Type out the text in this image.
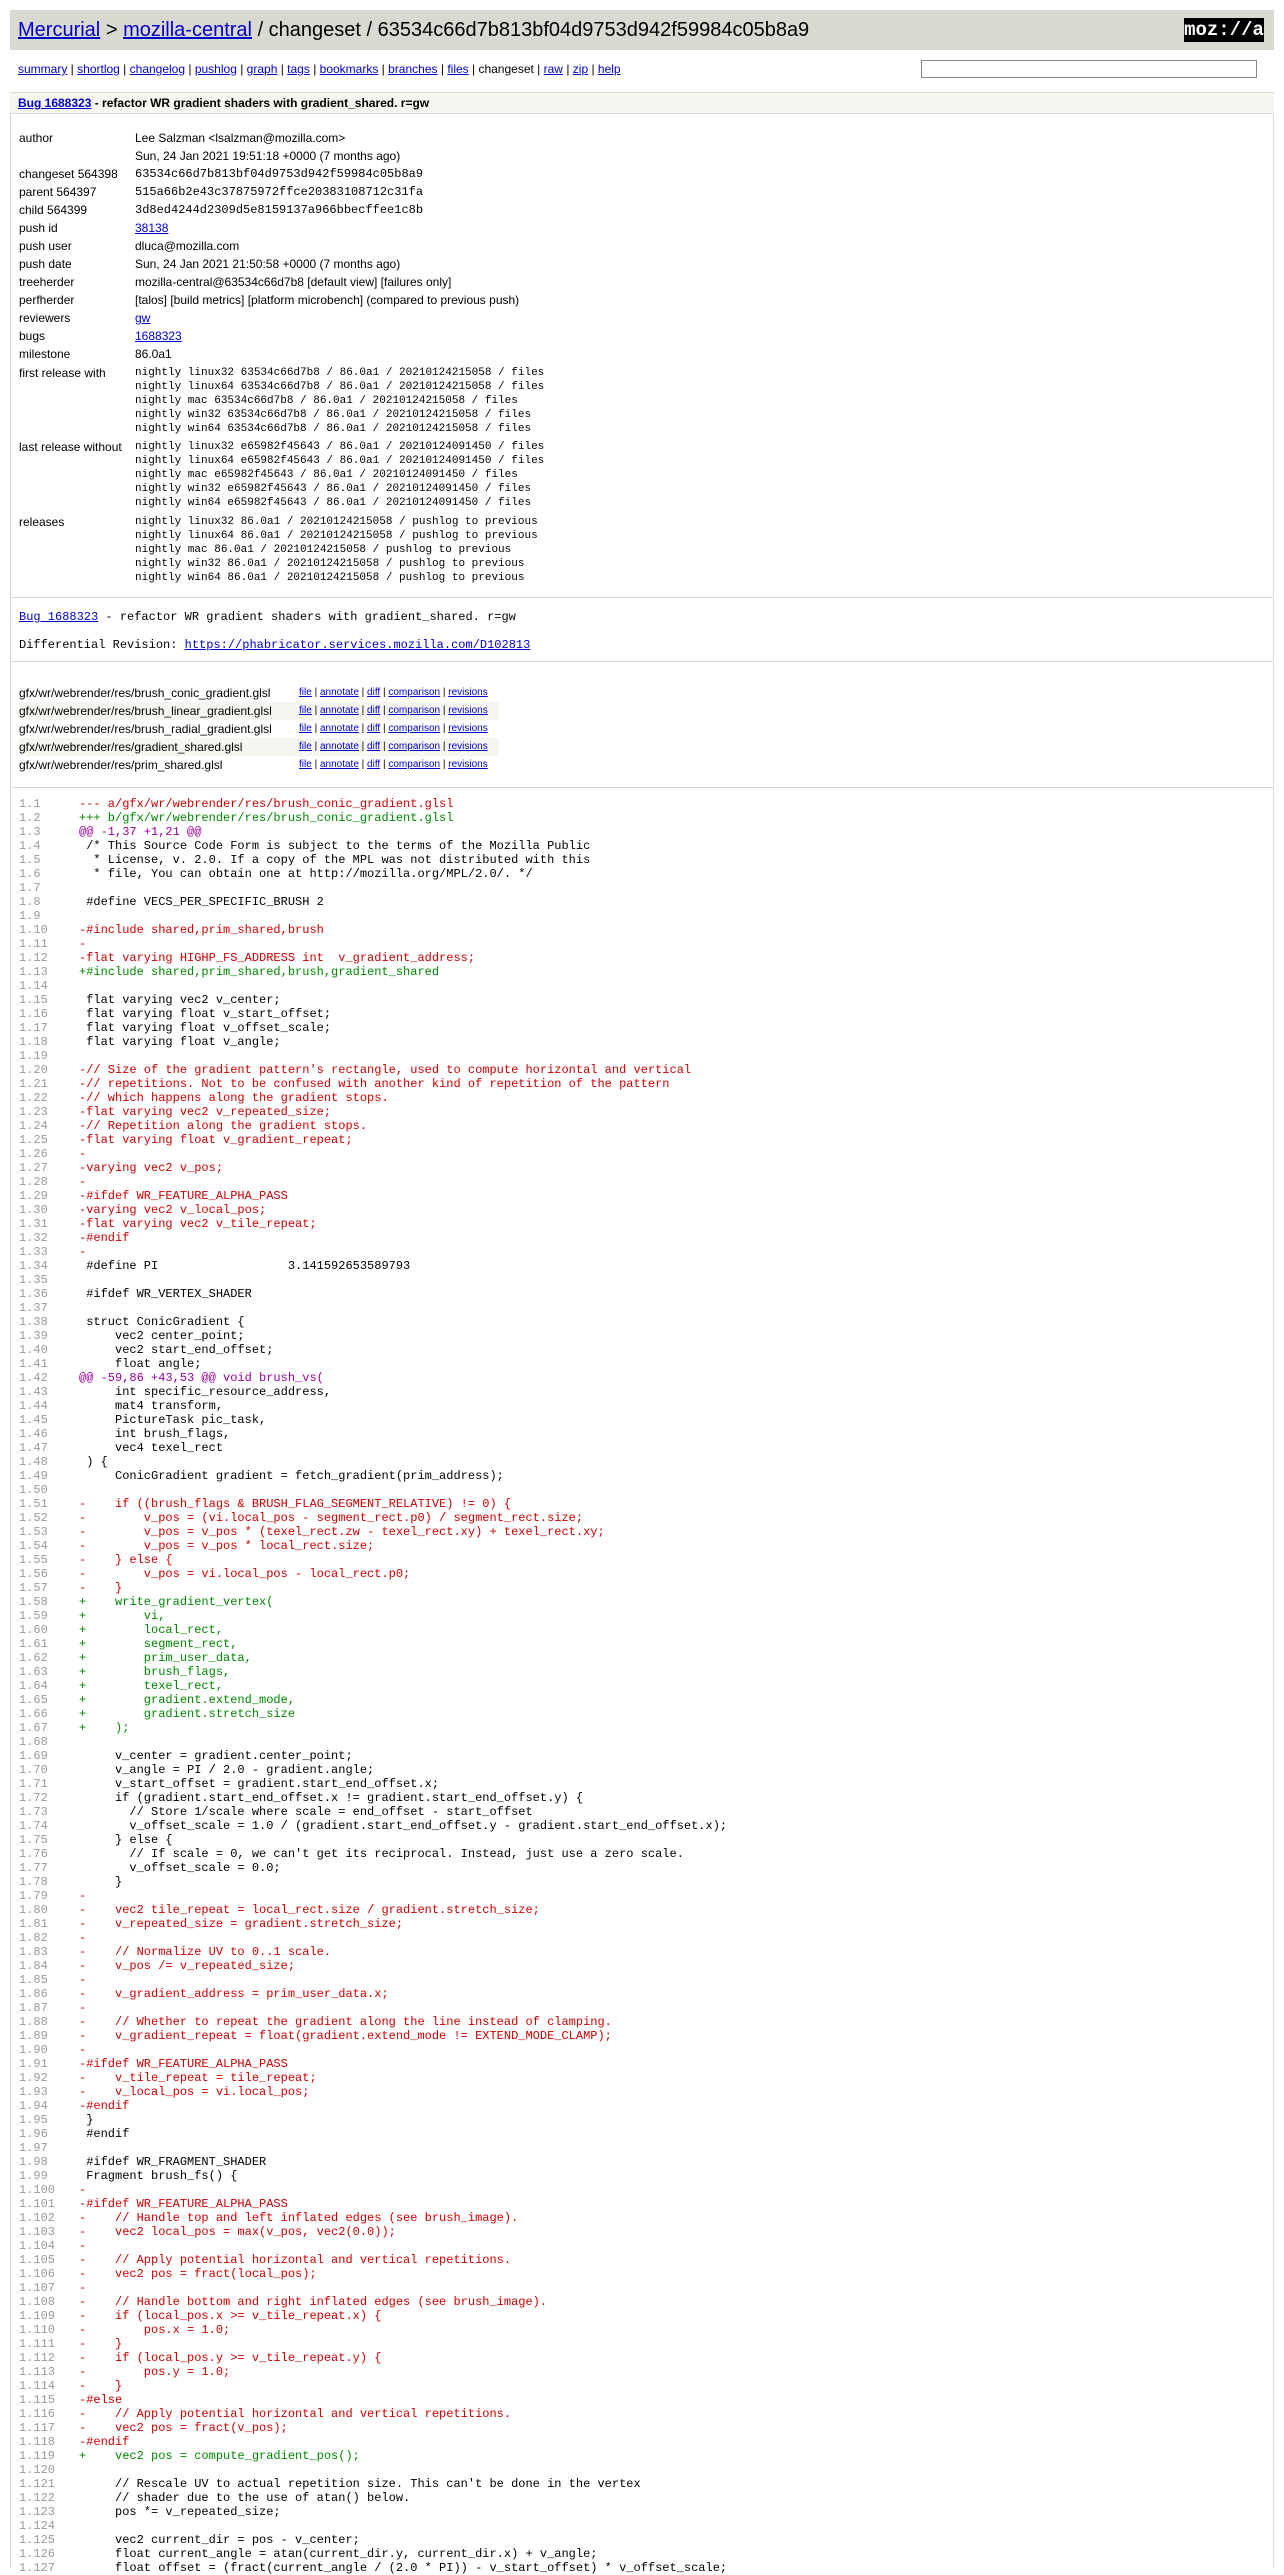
Mercurial > mozilla-central / changeset / 63534c66d7b813bf04d9753d942f59984c05b8a9	moz://a
summary | shortlog | changelog | pushlog | graph | tags | bookmarks | branches | files | changeset | raw | zip | help
Bug 1688323 - refactor WR gradient shaders with gradient_shared. r=gw
author	Lee Salzman <lsalzman@mozilla.com>
Sun, 24 Jan 2021 19:51:18 +0000 (7 months ago)
changeset 564398	63534c66d7b813bf04d9753d942f59984c05b8a9
parent 564397	515a66b2e43c37875972ffce20383108712c31fa
child 564399	3d8ed4244d2309d5e8159137a966bbecffee1c8b
push id	38138
push user	dluca@mozilla.com
push date	Sun, 24 Jan 2021 21:50:58 +0000 (7 months ago)
treeherder	mozilla-central@63534c66d7b8 [default view] [failures only]
perfherder	[talos] [build metrics] [platform microbench] (compared to previous push)
reviewers	gw
bugs	1688323
milestone	86.0a1
first release with	nightly linux32 63534c66d7b8 / 86.0a1 / 20210124215058 / files
nightly linux64 63534c66d7b8 / 86.0a1 / 20210124215058 / files
nightly mac 63534c66d7b8 / 86.0a1 / 20210124215058 / files
nightly win32 63534c66d7b8 / 86.0a1 / 20210124215058 / files
nightly win64 63534c66d7b8 / 86.0a1 / 20210124215058 / files
last release without	nightly linux32 e65982f45643 / 86.0a1 / 20210124091450 / files
nightly linux64 e65982f45643 / 86.0a1 / 20210124091450 / files
nightly mac e65982f45643 / 86.0a1 / 20210124091450 / files
nightly win32 e65982f45643 / 86.0a1 / 20210124091450 / files
nightly win64 e65982f45643 / 86.0a1 / 20210124091450 / files
releases	nightly linux32 86.0a1 / 20210124215058 / pushlog to previous
nightly linux64 86.0a1 / 20210124215058 / pushlog to previous
nightly mac 86.0a1 / 20210124215058 / pushlog to previous
nightly win32 86.0a1 / 20210124215058 / pushlog to previous
nightly win64 86.0a1 / 20210124215058 / pushlog to previous
Bug 1688323 - refactor WR gradient shaders with gradient_shared. r=gw
Differential Revision: https://phabricator.services.mozilla.com/D102813
gfx/wr/webrender/res/brush_conic_gradient.glsl	file | annotate | diff | comparison | revisions
gfx/wr/webrender/res/brush_linear_gradient.glsl	file | annotate | diff | comparison | revisions
gfx/wr/webrender/res/brush_radial_gradient.glsl	file | annotate | diff | comparison | revisions
gfx/wr/webrender/res/gradient_shared.glsl	file | annotate | diff | comparison | revisions
gfx/wr/webrender/res/prim_shared.glsl	file | annotate | diff | comparison | revisions
1.1	--- a/gfx/wr/webrender/res/brush_conic_gradient.glsl
1.2	+++ b/gfx/wr/webrender/res/brush_conic_gradient.glsl
1.3	@@ -1,37 +1,21 @@
1.4	/* This Source Code Form is subject to the terms of the Mozilla Public
1.5	* License, v. 2.0. If a copy of the MPL was not distributed with this
1.6	* file, You can obtain one at http://mozilla.org/MPL/2.0/. */
1.7
1.8	#define VECS_PER_SPECIFIC_BRUSH 2
1.9
1.10	-#include shared,prim_shared,brush
1.11	-
1.12	-flat varying HIGHP_FS_ADDRESS int  v_gradient_address;
1.13	+#include shared,prim_shared,brush,gradient_shared
1.14
1.15	flat varying vec2 v_center;
1.16	flat varying float v_start_offset;
1.17	flat varying float v_offset_scale;
1.18	flat varying float v_angle;
1.19
1.20	-// Size of the gradient pattern's rectangle, used to compute horizontal and vertical
1.21	-// repetitions. Not to be confused with another kind of repetition of the pattern
1.22	-// which happens along the gradient stops.
1.23	-flat varying vec2 v_repeated_size;
1.24	-// Repetition along the gradient stops.
1.25	-flat varying float v_gradient_repeat;
1.26	-
1.27	-varying vec2 v_pos;
1.28	-
1.29	-#ifdef WR_FEATURE_ALPHA_PASS
1.30	-varying vec2 v_local_pos;
1.31	-flat varying vec2 v_tile_repeat;
1.32	-#endif
1.33	-
1.34	#define PI                  3.141592653589793
1.35
1.36	#ifdef WR_VERTEX_SHADER
1.37
1.38	struct ConicGradient {
1.39	vec2 center_point;
1.40	vec2 start_end_offset;
1.41	float angle;
1.42	@@ -59,86 +43,53 @@ void brush_vs(
1.43	int specific_resource_address,
1.44	mat4 transform,
1.45	PictureTask pic_task,
1.46	int brush_flags,
1.47	vec4 texel_rect
1.48	) {
1.49	ConicGradient gradient = fetch_gradient(prim_address);
1.50
1.51	-    if ((brush_flags & BRUSH_FLAG_SEGMENT_RELATIVE) != 0) {
1.52	-        v_pos = (vi.local_pos - segment_rect.p0) / segment_rect.size;
1.53	-        v_pos = v_pos * (texel_rect.zw - texel_rect.xy) + texel_rect.xy;
1.54	-        v_pos = v_pos * local_rect.size;
1.55	-    } else {
1.56	-        v_pos = vi.local_pos - local_rect.p0;
1.57	-    }
1.58	+    write_gradient_vertex(
1.59	+        vi,
1.60	+        local_rect,
1.61	+        segment_rect,
1.62	+        prim_user_data,
1.63	+        brush_flags,
1.64	+        texel_rect,
1.65	+        gradient.extend_mode,
1.66	+        gradient.stretch_size
1.67	+    );
1.68
1.69	v_center = gradient.center_point;
1.70	v_angle = PI / 2.0 - gradient.angle;
1.71	v_start_offset = gradient.start_end_offset.x;
1.72	if (gradient.start_end_offset.x != gradient.start_end_offset.y) {
1.73	// Store 1/scale where scale = end_offset - start_offset
1.74	v_offset_scale = 1.0 / (gradient.start_end_offset.y - gradient.start_end_offset.x);
1.75	} else {
1.76	// If scale = 0, we can't get its reciprocal. Instead, just use a zero scale.
1.77	v_offset_scale = 0.0;
1.78	}
1.79	-
1.80	-    vec2 tile_repeat = local_rect.size / gradient.stretch_size;
1.81	-    v_repeated_size = gradient.stretch_size;
1.82	-
1.83	-    // Normalize UV to 0..1 scale.
1.84	-    v_pos /= v_repeated_size;
1.85	-
1.86	-    v_gradient_address = prim_user_data.x;
1.87	-
1.88	-    // Whether to repeat the gradient along the line instead of clamping.
1.89	-    v_gradient_repeat = float(gradient.extend_mode != EXTEND_MODE_CLAMP);
1.90	-
1.91	-#ifdef WR_FEATURE_ALPHA_PASS
1.92	-    v_tile_repeat = tile_repeat;
1.93	-    v_local_pos = vi.local_pos;
1.94	-#endif
1.95	}
1.96	#endif
1.97
1.98	#ifdef WR_FRAGMENT_SHADER
1.99	Fragment brush_fs() {
1.100 -
1.101 -#ifdef WR_FEATURE_ALPHA_PASS
1.102 -    // Handle top and left inflated edges (see brush_image).
1.103 -    vec2 local_pos = max(v_pos, vec2(0.0));
1.104 -
1.105 -    // Apply potential horizontal and vertical repetitions.
1.106 -    vec2 pos = fract(local_pos);
1.107 -
1.108 -    // Handle bottom and right inflated edges (see brush_image).
1.109 -    if (local_pos.x >= v_tile_repeat.x) {
1.110 -        pos.x = 1.0;
1.111 -    }
1.112 -    if (local_pos.y >= v_tile_repeat.y) {
1.113 -        pos.y = 1.0;
1.114 -    }
1.115 -#else
1.116 -    // Apply potential horizontal and vertical repetitions.
1.117 -    vec2 pos = fract(v_pos);
1.118 -#endif
1.119 +    vec2 pos = compute_gradient_pos();
1.120
1.121     // Rescale UV to actual repetition size. This can't be done in the vertex
1.122     // shader due to the use of atan() below.
1.123     pos *= v_repeated_size;
1.124
1.125     vec2 current_dir = pos - v_center;
1.126     float current_angle = atan(current_dir.y, current_dir.x) + v_angle;
1.127     float offset = (fract(current_angle / (2.0 * PI)) - v_start_offset) * v_offset_scale;
